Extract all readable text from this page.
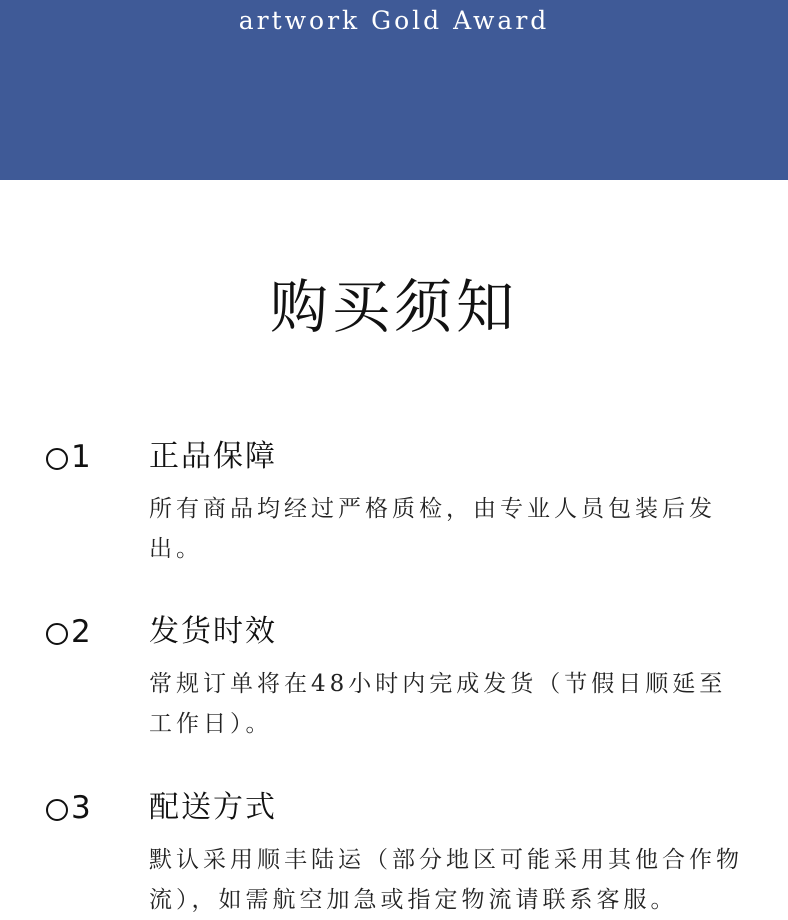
artwork Gold Award
购买须知
1 正品保障
所有商品均经过严格质检，由专业人员包装后发出。
2 发货时效
常规订单将在48小时内完成发货（节假日顺延至工作日）。
3 配送方式
默认采用顺丰陆运（部分地区可能采用其他合作物流），如需航空加急或指定物流请联系客服。
